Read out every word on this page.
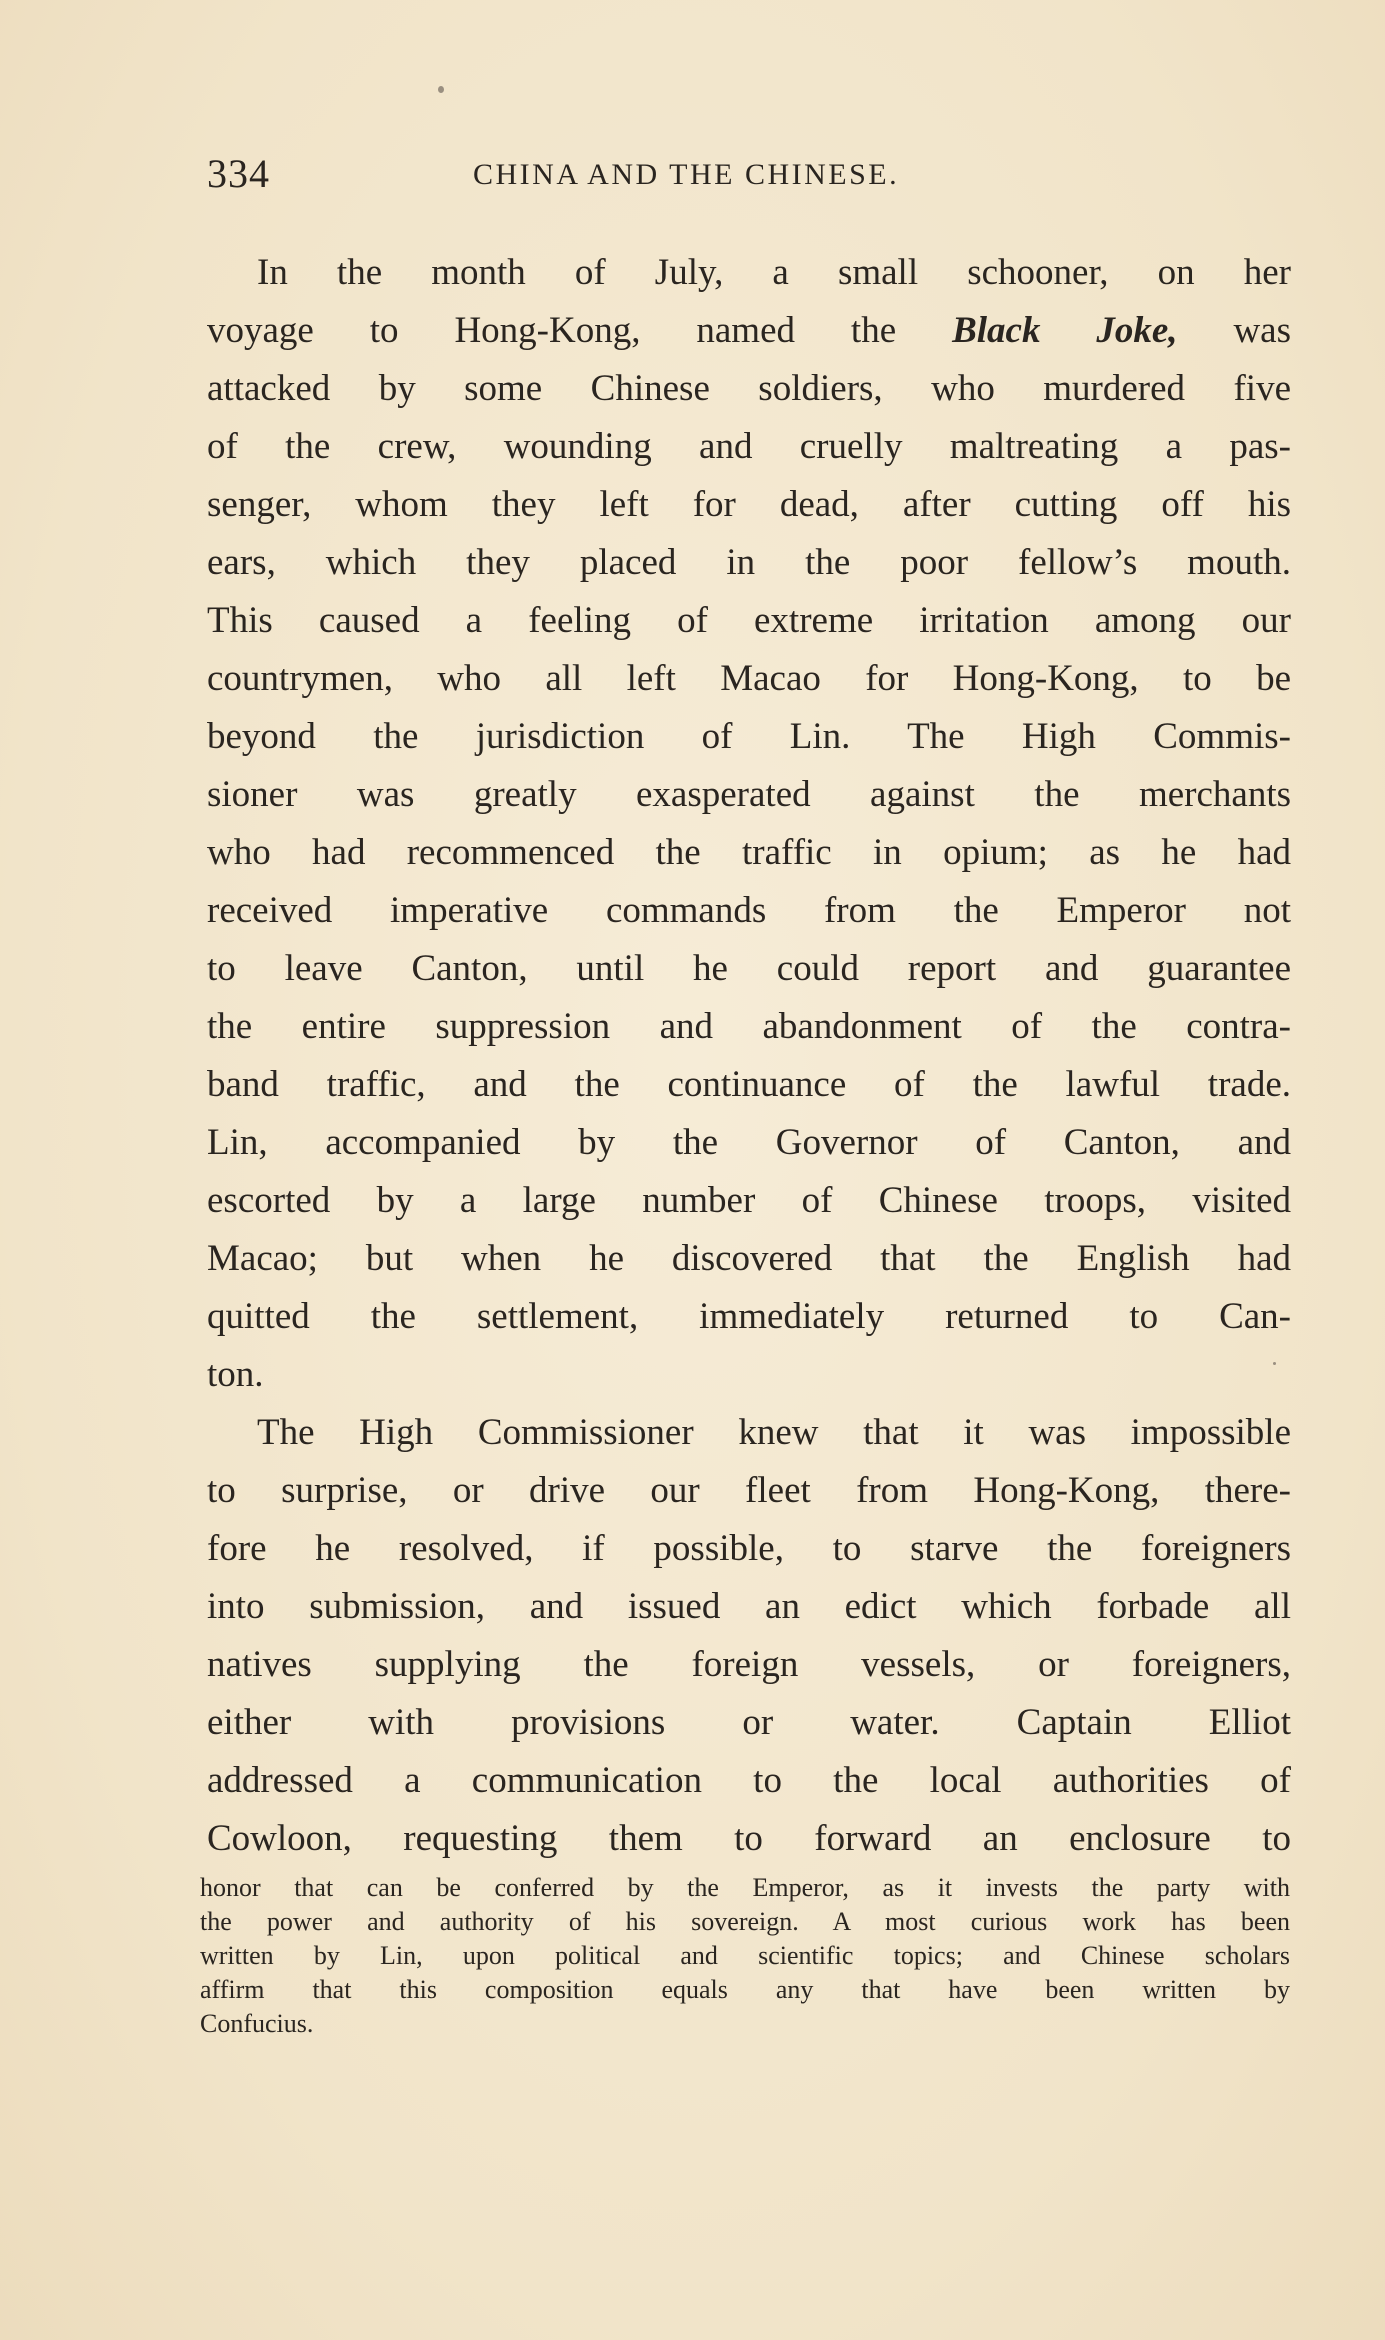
334	CHINA AND THE CHINESE.
In the month of July, a small schooner, on her
voyage to Hong-Kong, named the Black Joke, was
attacked by some Chinese soldiers, who murdered five
of the crew, wounding and cruelly maltreating a pas-
senger, whom they left for dead, after cutting off his
ears, which they placed in the poor fellow’s mouth.
This caused a feeling of extreme irritation among our
countrymen, who all left Macao for Hong-Kong, to be
beyond the jurisdiction of Lin. The High Commis-
sioner was greatly exasperated against the merchants
who had recommenced the traffic in opium; as he had
received imperative commands from the Emperor not
to leave Canton, until he could report and guarantee
the entire suppression and abandonment of the contra-
band traffic, and the continuance of the lawful trade.
Lin, accompanied by the Governor of Canton, and
escorted by a large number of Chinese troops, visited
Macao; but when he discovered that the English had
quitted the settlement, immediately returned to Can-
ton.
The High Commissioner knew that it was impossible
to surprise, or drive our fleet from Hong-Kong, there-
fore he resolved, if possible, to starve the foreigners
into submission, and issued an edict which forbade all
natives supplying the foreign vessels, or foreigners,
either with provisions or water. Captain Elliot
addressed a communication to the local authorities of
Cowloon, requesting them to forward an enclosure to
honor that can be conferred by the Emperor, as it invests the party with
the power and authority of his sovereign. A most curious work has been
written by Lin, upon political and scientific topics; and Chinese scholars
affirm that this composition equals any that have been written by
Confucius.
